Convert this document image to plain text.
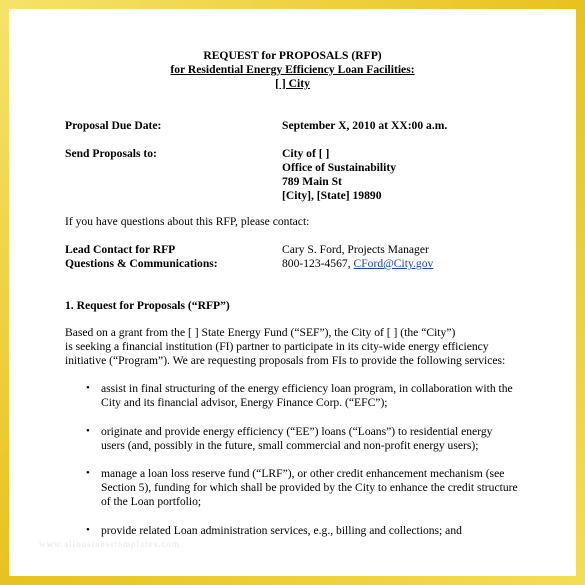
REQUEST for PROPOSALS (RFP)
for Residential Energy Efficiency Loan Facilities:
[ ] City
Proposal Due Date:	September X, 2010 at XX:00 a.m.
Send Proposals to:	City of [ ]
Office of Sustainability
789 Main St
[City], [State] 19890
If you have questions about this RFP, please contact:
Lead Contact for RFP
Questions & Communications:
Cary S. Ford, Projects Manager
800-123-4567, CFord@City.gov
1. Request for Proposals (“RFP”)
Based on a grant from the [ ] State Energy Fund (“SEF”), the City of [ ] (the “City”)
is seeking a financial institution (FI) partner to participate in its city-wide energy efficiency
initiative (“Program”). We are requesting proposals from FIs to provide the following services:
• assist in final structuring of the energy efficiency loan program, in collaboration with the
City and its financial advisor, Energy Finance Corp. (“EFC”);
• originate and provide energy efficiency (“EE”) loans (“Loans”) to residential energy
users (and, possibly in the future, small commercial and non-profit energy users);
• manage a loan loss reserve fund (“LRF”), or other credit enhancement mechanism (see
Section 5), funding for which shall be provided by the City to enhance the credit structure
of the Loan portfolio;
• provide related Loan administration services, e.g., billing and collections; and
www.allbusinesstemplates.com
